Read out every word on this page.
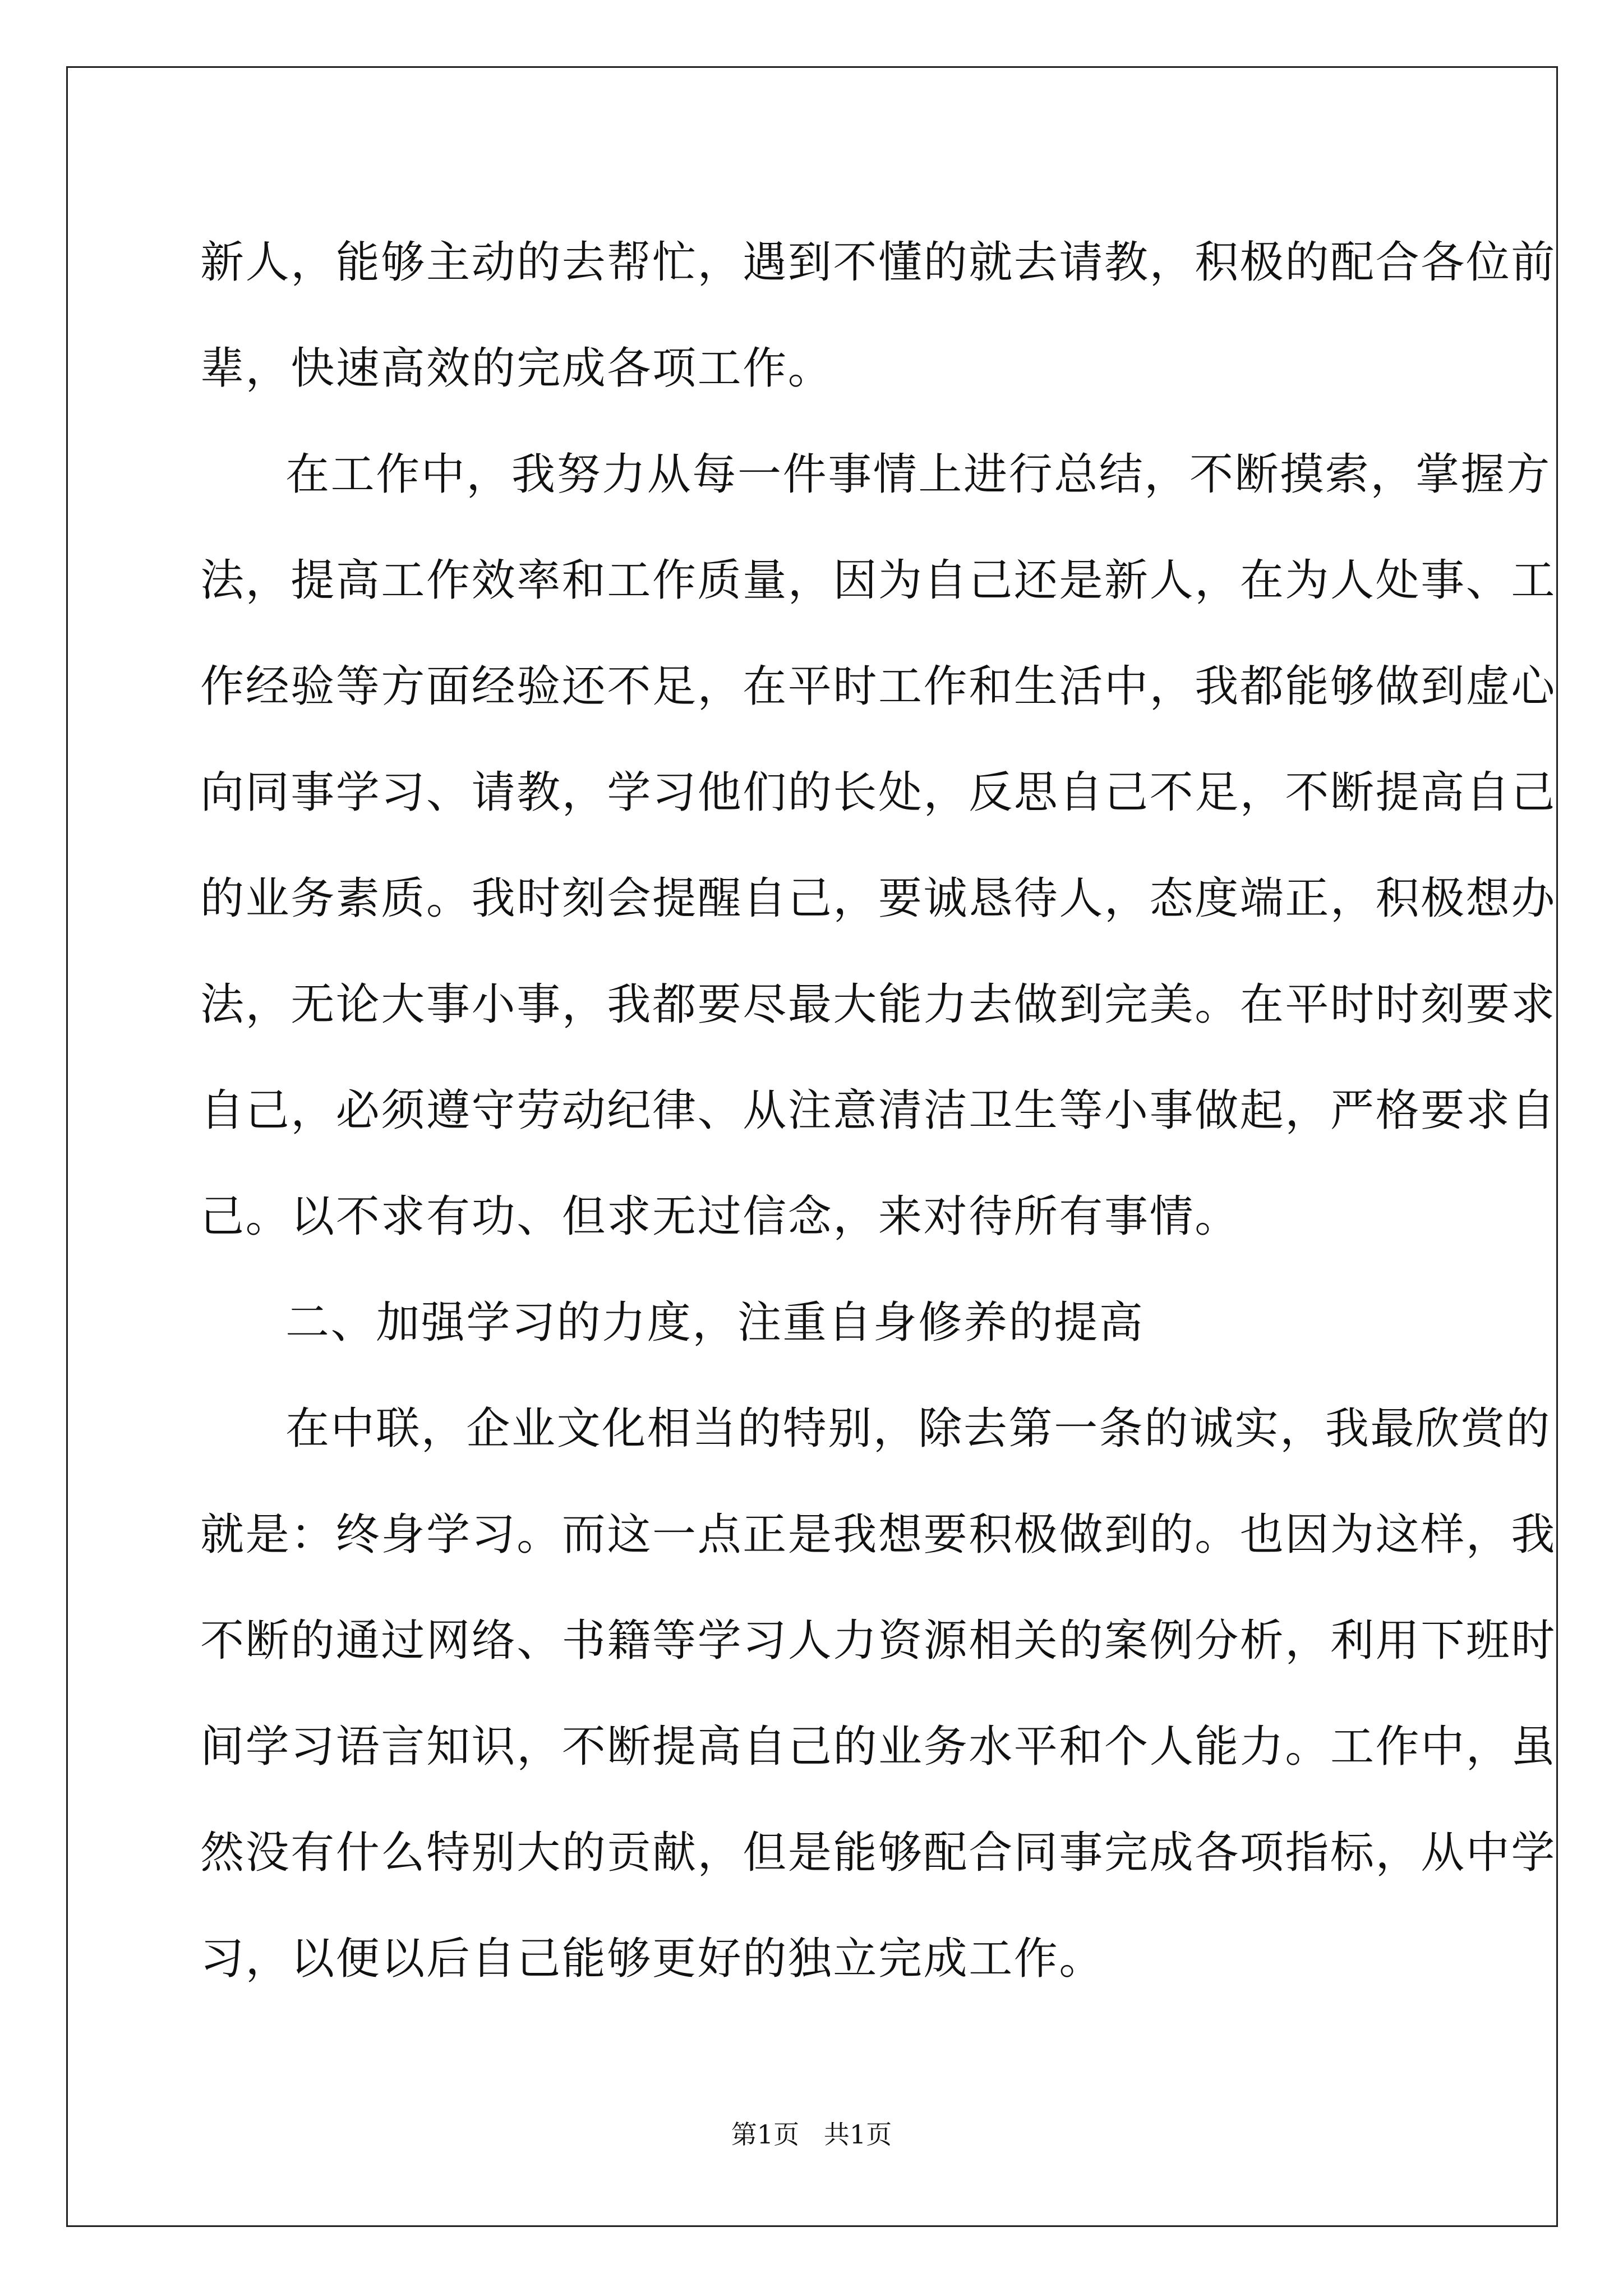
新人，能够主动的去帮忙，遇到不懂的就去请教，积极的配合各位前
辈，快速高效的完成各项工作。
在工作中，我努力从每一件事情上进行总结，不断摸索，掌握方
法，提高工作效率和工作质量，因为自己还是新人，在为人处事、工
作经验等方面经验还不足，在平时工作和生活中，我都能够做到虚心
向同事学习、请教，学习他们的长处，反思自己不足，不断提高自己
的业务素质。我时刻会提醒自己，要诚恳待人，态度端正，积极想办
法，无论大事小事，我都要尽最大能力去做到完美。在平时时刻要求
自己，必须遵守劳动纪律、从注意清洁卫生等小事做起，严格要求自
己。以不求有功、但求无过信念，来对待所有事情。
二、加强学习的力度，注重自身修养的提高
在中联，企业文化相当的特别，除去第一条的诚实，我最欣赏的
就是：终身学习。而这一点正是我想要积极做到的。也因为这样，我
不断的通过网络、书籍等学习人力资源相关的案例分析，利用下班时
间学习语言知识，不断提高自己的业务水平和个人能力。工作中，虽
然没有什么特别大的贡献，但是能够配合同事完成各项指标，从中学
习，以便以后自己能够更好的独立完成工作。
第1页   共1页
